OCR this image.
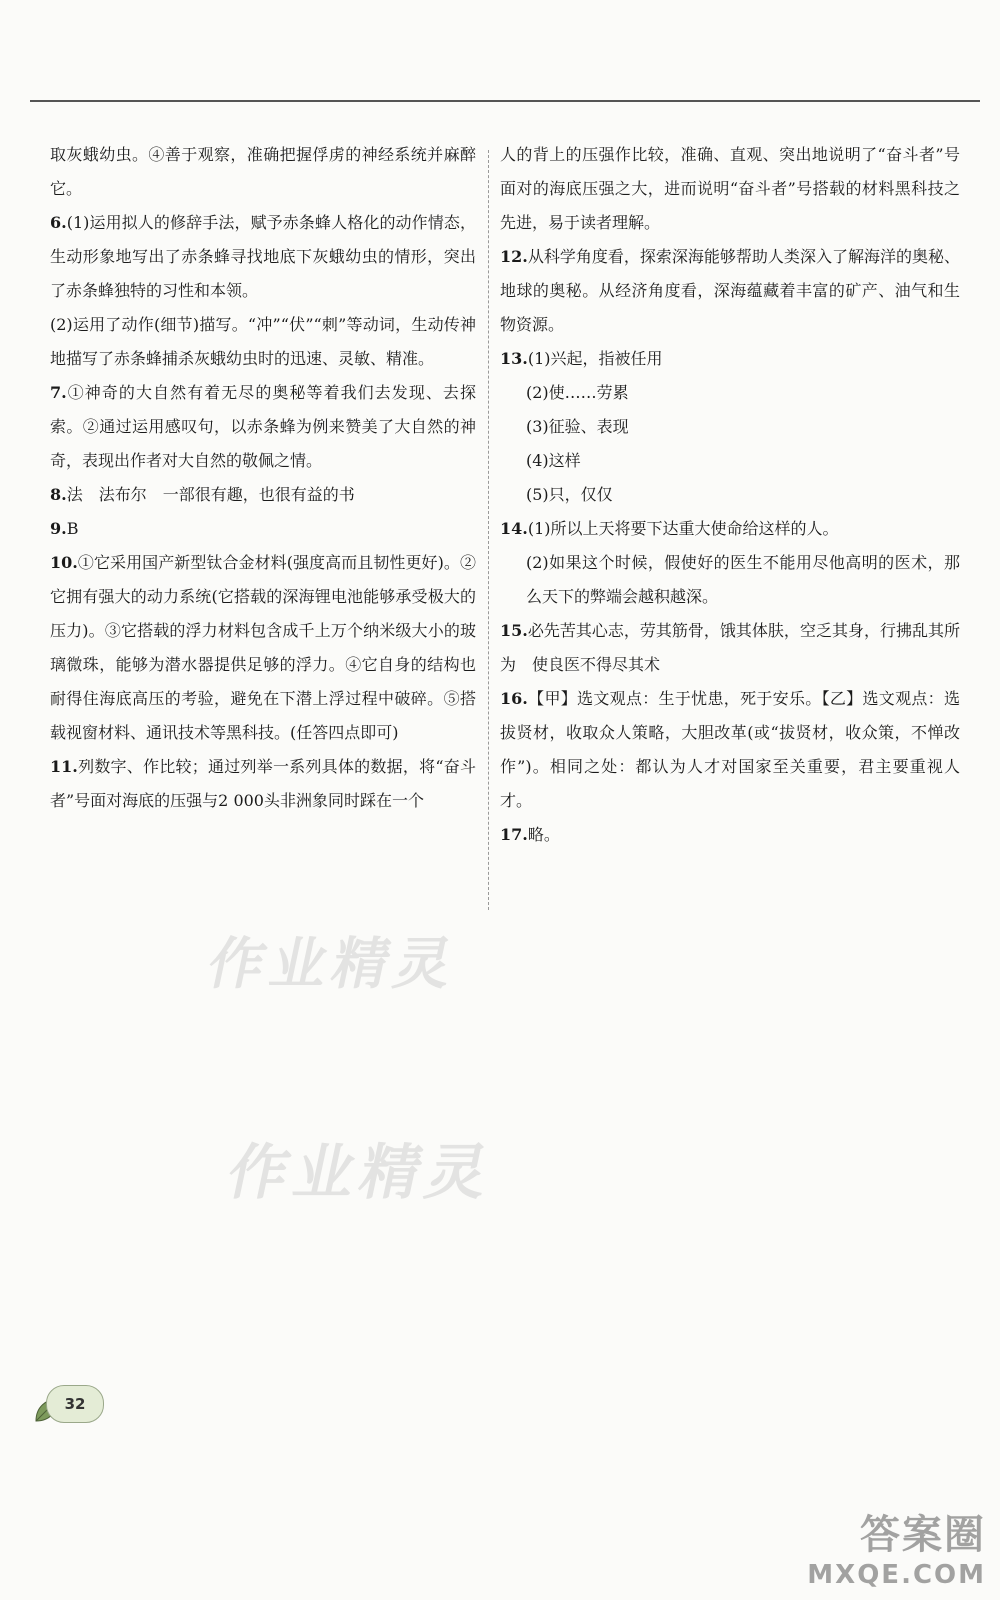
取灰蛾幼虫。④善于观察，准确把握俘虏的神经系统并麻醉它。

6.(1)运用拟人的修辞手法，赋予赤条蜂人格化的动作情态，生动形象地写出了赤条蜂寻找地底下灰蛾幼虫的情形，突出了赤条蜂独特的习性和本领。

(2)运用了动作(细节)描写。“冲”“伏”“刺”等动词，生动传神地描写了赤条蜂捕杀灰蛾幼虫时的迅速、灵敏、精准。

7.①神奇的大自然有着无尽的奥秘等着我们去发现、去探索。②通过运用感叹句，以赤条蜂为例来赞美了大自然的神奇，表现出作者对大自然的敬佩之情。

8.法　法布尔　一部很有趣，也很有益的书

9.B

10.①它采用国产新型钛合金材料(强度高而且韧性更好)。②它拥有强大的动力系统(它搭载的深海锂电池能够承受极大的压力)。③它搭载的浮力材料包含成千上万个纳米级大小的玻璃微珠，能够为潜水器提供足够的浮力。④它自身的结构也耐得住海底高压的考验，避免在下潜上浮过程中破碎。⑤搭载视窗材料、通讯技术等黑科技。(任答四点即可)

11.列数字、作比较；通过列举一系列具体的数据，将“奋斗者”号面对海底的压强与2 000头非洲象同时踩在一个

人的背上的压强作比较，准确、直观、突出地说明了“奋斗者”号面对的海底压强之大，进而说明“奋斗者”号搭载的材料黑科技之先进，易于读者理解。

12.从科学角度看，探索深海能够帮助人类深入了解海洋的奥秘、地球的奥秘。从经济角度看，深海蕴藏着丰富的矿产、油气和生物资源。

13.(1)兴起，指被任用

(2)使……劳累

(3)征验、表现

(4)这样

(5)只，仅仅

14.(1)所以上天将要下达重大使命给这样的人。

(2)如果这个时候，假使好的医生不能用尽他高明的医术，那么天下的弊端会越积越深。

15.必先苦其心志，劳其筋骨，饿其体肤，空乏其身，行拂乱其所为　使良医不得尽其术

16.【甲】选文观点：生于忧患，死于安乐。【乙】选文观点：选拔贤材，收取众人策略，大胆改革(或“拔贤材，收众策，不惮改作”)。相同之处：都认为人才对国家至关重要，君主要重视人才。

17.略。

作业精灵
作业精灵
32
答案圈
MXQE.COM
